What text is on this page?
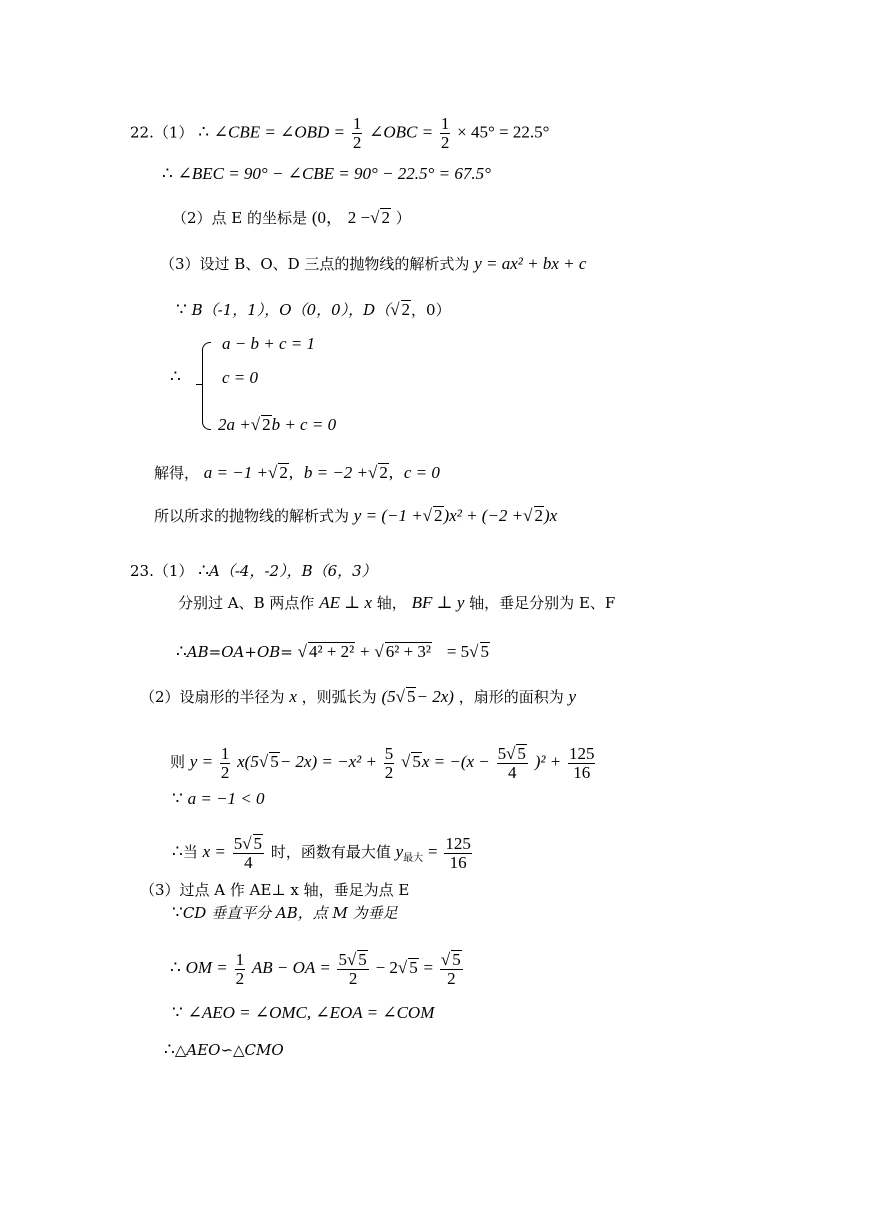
22.（1） ∴ ∠CBE = ∠OBD = $\frac{1}{2}$ ∠OBC = $\frac{1}{2} \times 45^\circ = 22.5^\circ$
∴ ∠BEC = 90° − ∠CBE = 90° − 22.5° = 67.5°
（2）点 E 的坐标是 (0， 2 −√ 2 ）
（3）设过 B、O、D 三点的抛物线的解析式为 y = ax² + bx + c
∵ B（-1，1），O（0，0），D（√ 2，0）
∴
a − b + c = 1
c = 0
2a +√ 2b + c = 0
解得， a = −1 +√ 2, b = −2 +√ 2, c = 0
所以所求的抛物线的解析式为 y = (−1 +√ 2)x² + (−2 +√ 2)x
23.（1） ∴A（-4，-2），B（6，3）
分别过 A、B 两点作 AE ⊥ x 轴， BF ⊥ y 轴，垂足分别为 E、F
∴AB=OA+OB= √ 4² + 2² + √ 6² + 3² = 5√ 5
（2）设扇形的半径为 x ，则弧长为 (5√ 5− 2x) ，扇形的面积为 y
则 $y = \frac{1}{2} x(5√$ $5- 2x) = -x^2 + \frac{5}{2}$ √ $5x = -(x - \frac{5√ 5}{4} )^2 + \frac{125}{16}$
∵ a = −1 < 0
∴当 $x = \frac{5√ 5}{4}$ 时，函数有最大值 $y_{最大} = \frac{125}{16}$
（3）过点 A 作 AE⊥ x 轴，垂足为点 E
∵CD 垂直平分 AB，点 M 为垂足
∴ OM = $\frac{1}{2}$ AB − OA = $\frac{5√ 5}{2} - 2√$ $5 = \frac{√ 5}{2}$
∵ ∠AEO = ∠OMC, ∠EOA = ∠COM
∴△AEO∽△CMO
